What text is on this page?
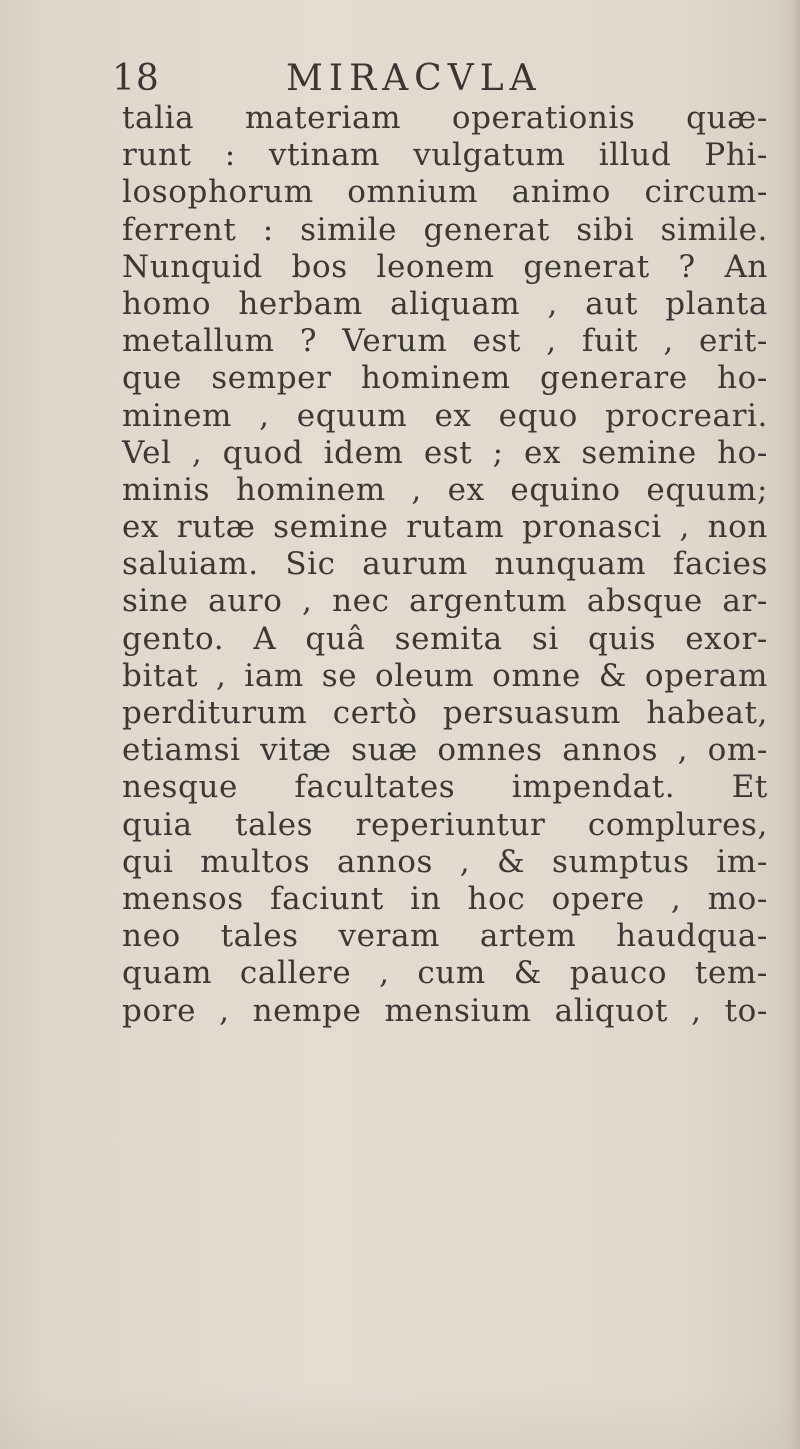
18	MIRACVLA
talia materiam operationis quæ-
runt : vtinam vulgatum illud Phi-
losophorum omnium animo circum-
ferrent : simile generat sibi simile.
Nunquid bos leonem generat ? An
homo herbam aliquam , aut planta
metallum ? Verum est , fuit , erit-
que semper hominem generare ho-
minem , equum ex equo procreari.
Vel , quod idem est ; ex semine ho-
minis hominem , ex equino equum;
ex rutæ semine rutam pronasci , non
saluiam. Sic aurum nunquam facies
sine auro , nec argentum absque ar-
gento. A quâ semita si quis exor-
bitat , iam se oleum omne & operam
perditurum certò persuasum habeat,
etiamsi vitæ suæ omnes annos , om-
nesque facultates impendat. Et
quia tales reperiuntur complures,
qui multos annos , & sumptus im-
mensos faciunt in hoc opere , mo-
neo tales veram artem haudqua-
quam callere , cum & pauco tem-
pore , nempe mensium aliquot , to-
